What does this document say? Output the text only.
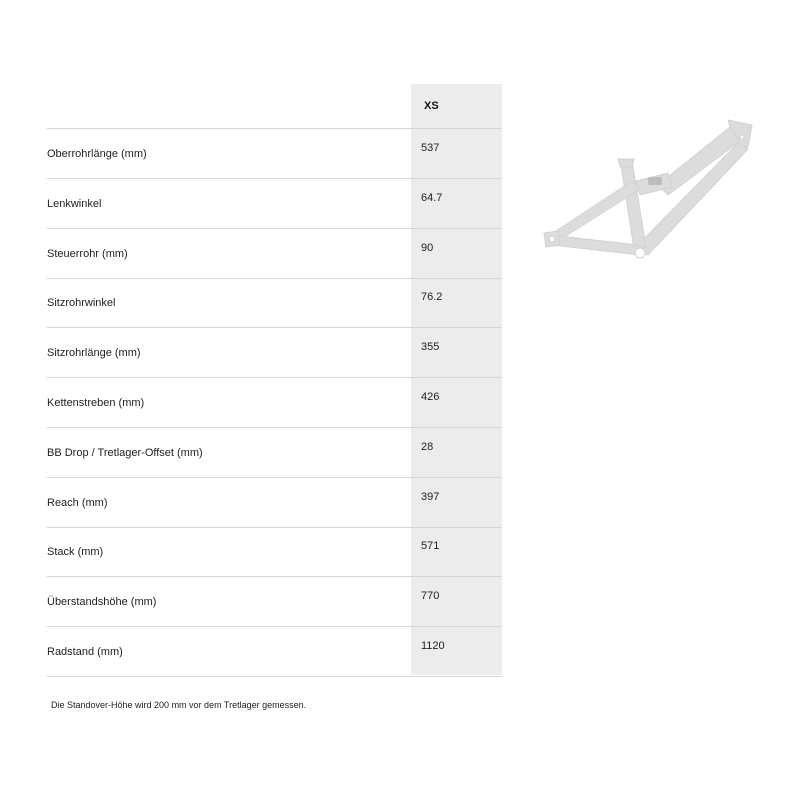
XS
Oberrohrlänge (mm)	537
Lenkwinkel	64.7
Steuerrohr (mm)	90
Sitzrohrwinkel	76.2
Sitzrohrlänge (mm)	355
Kettenstreben (mm)	426
BB Drop / Tretlager-Offset (mm)	28
Reach (mm)	397
Stack (mm)	571
Überstandshöhe (mm)	770
Radstand (mm)	1120
Die Standover-Höhe wird 200 mm vor dem Tretlager gemessen.
